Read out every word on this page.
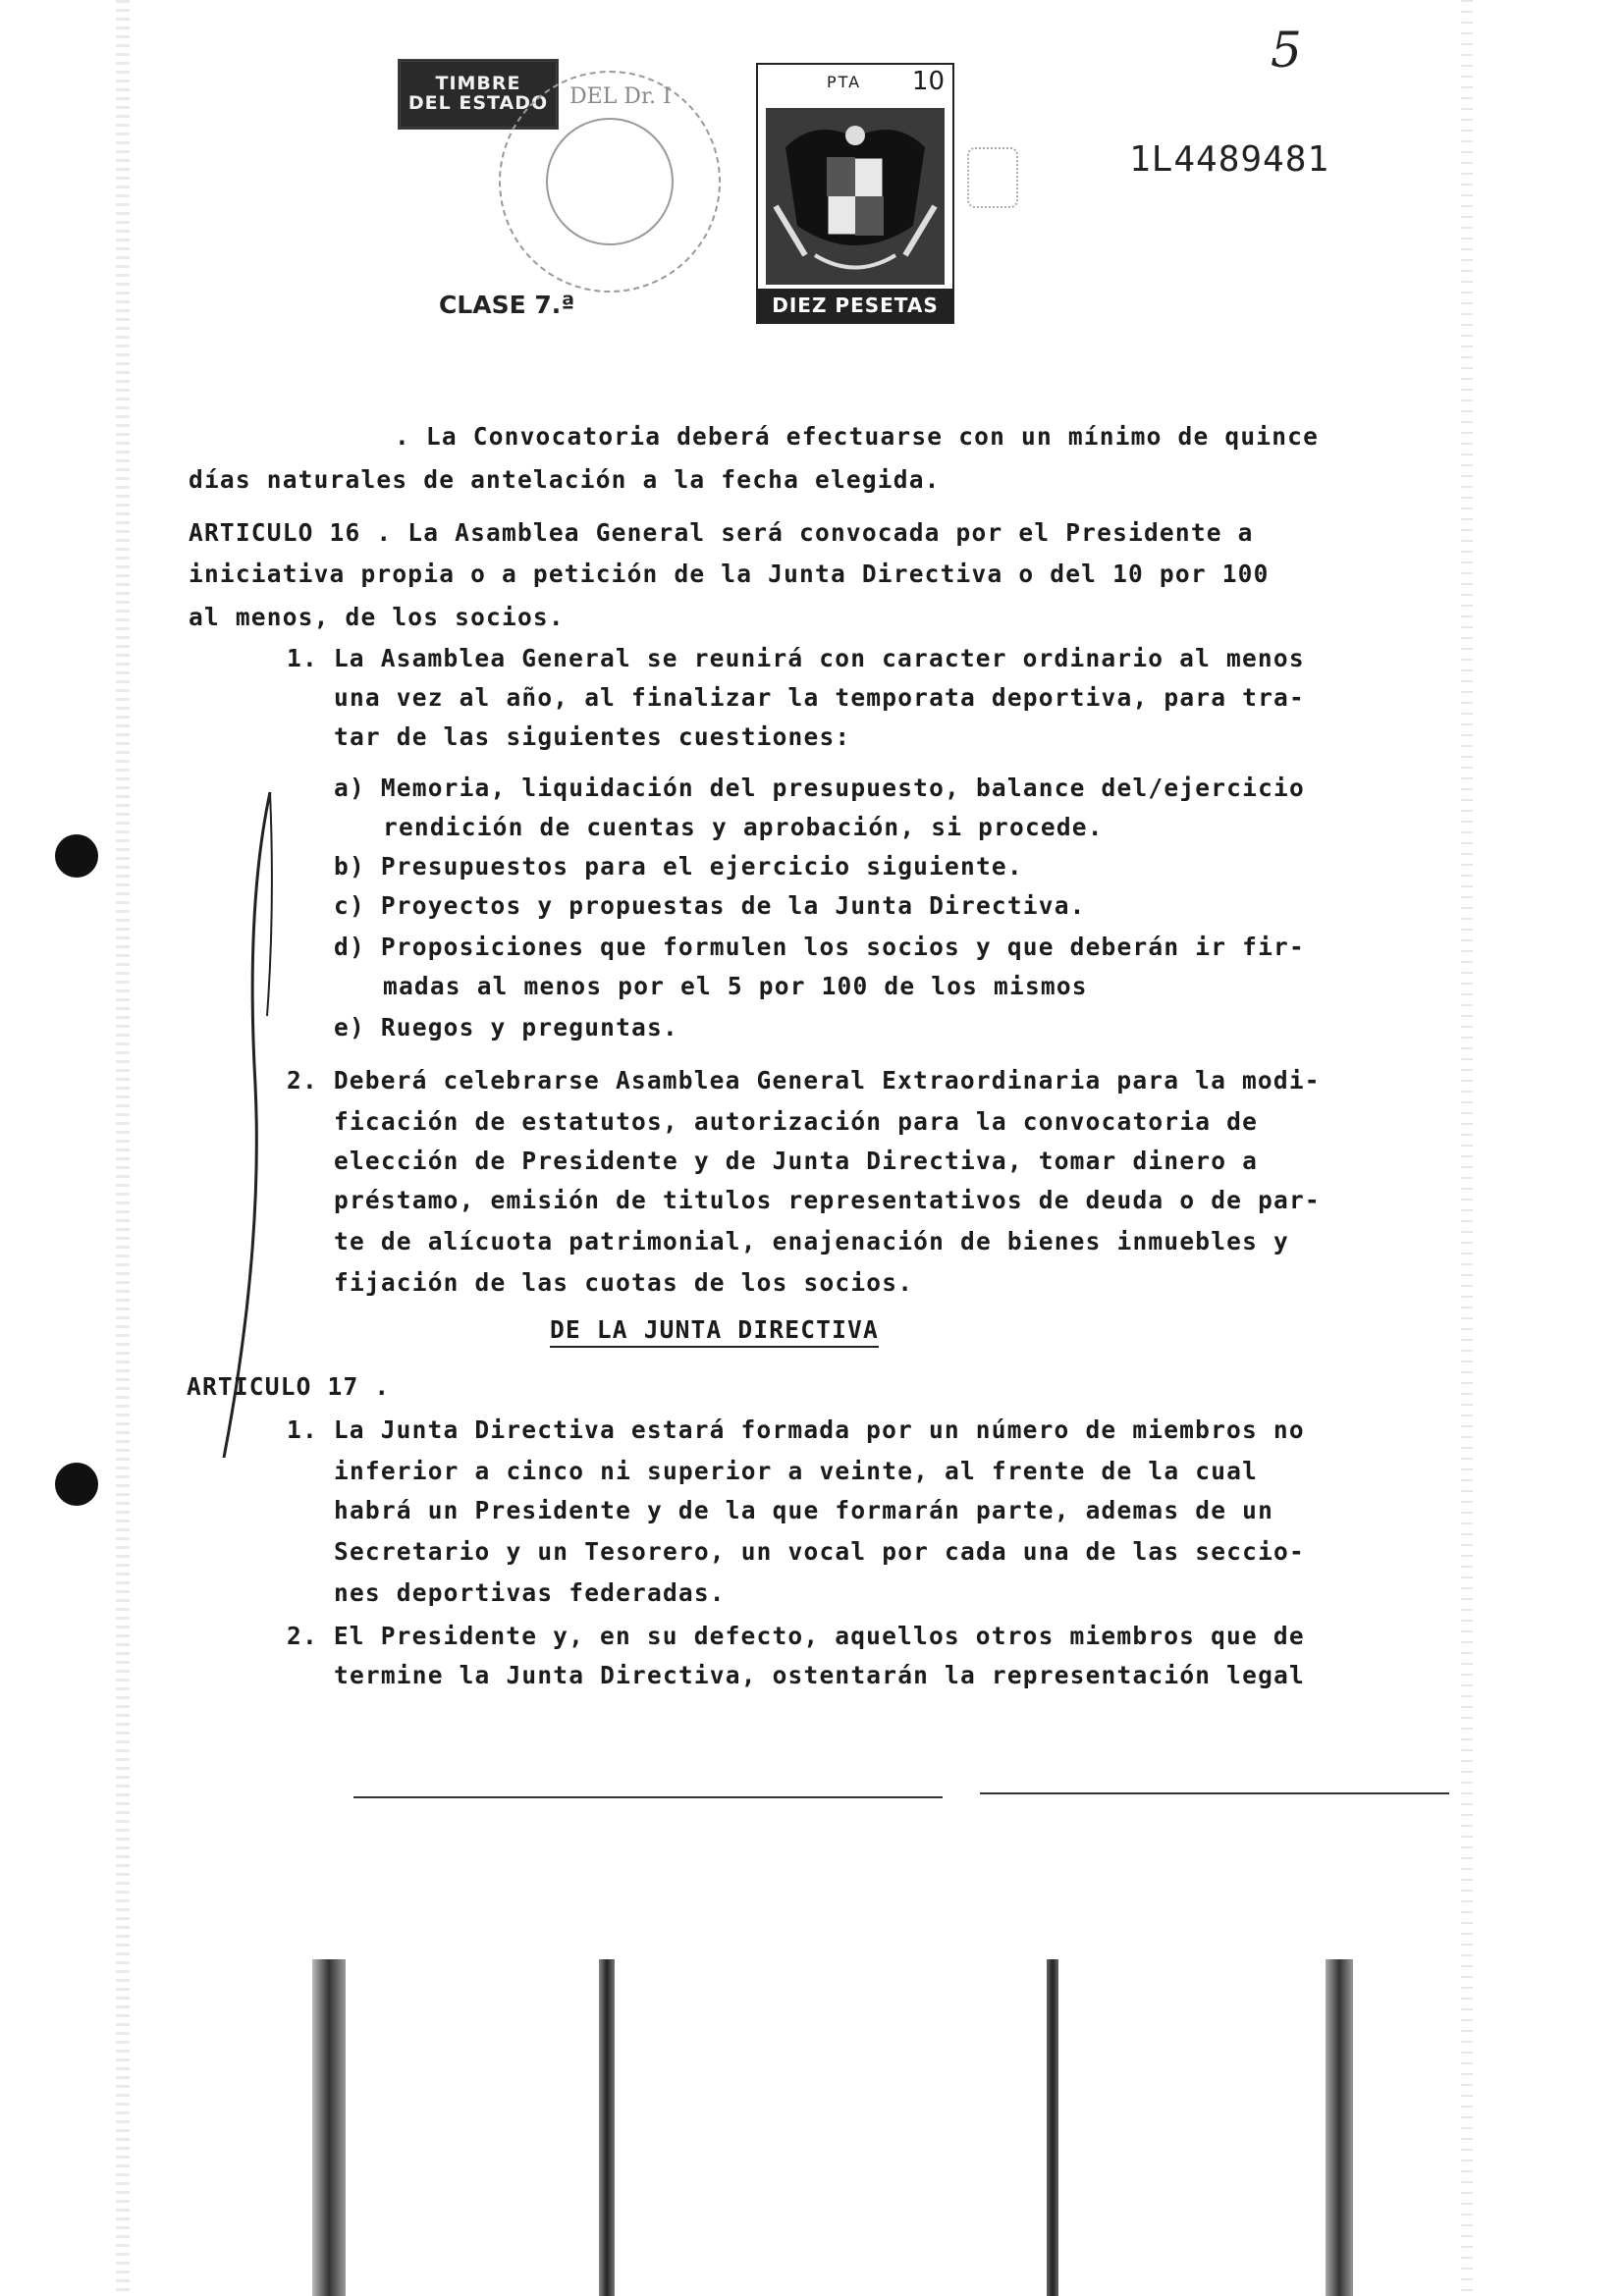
TIMBRE
DEL ESTADO DEL Dr. I
CLASE 7.ª
PTA 10
DIEZ PESETAS
1L4489481
5
. La Convocatoria deberá efectuarse con un mínimo de quince
días naturales de antelación a la fecha elegida.
ARTICULO 16 . La Asamblea General será convocada por el Presidente a
iniciativa propia o a petición de la Junta Directiva o del 10 por 100
al menos, de los socios.
1. La Asamblea General se reunirá con caracter ordinario al menos
una vez al año, al finalizar la temporata deportiva, para tra-
tar de las siguientes cuestiones:
a) Memoria, liquidación del presupuesto, balance del/ejercicio
rendición de cuentas y aprobación, si procede.
b) Presupuestos para el ejercicio siguiente.
c) Proyectos y propuestas de la Junta Directiva.
d) Proposiciones que formulen los socios y que deberán ir fir-
madas al menos por el 5 por 100 de los mismos
e) Ruegos y preguntas.
2. Deberá celebrarse Asamblea General Extraordinaria para la modi-
ficación de estatutos, autorización para la convocatoria de
elección de Presidente y de Junta Directiva, tomar dinero a
préstamo, emisión de titulos representativos de deuda o de par-
te de alícuota patrimonial, enajenación de bienes inmuebles y
fijación de las cuotas de los socios.
DE LA JUNTA DIRECTIVA
ARTICULO 17 .
1. La Junta Directiva estará formada por un número de miembros no
inferior a cinco ni superior a veinte, al frente de la cual
habrá un Presidente y de la que formarán parte, ademas de un
Secretario y un Tesorero, un vocal por cada una de las seccio-
nes deportivas federadas.
2. El Presidente y, en su defecto, aquellos otros miembros que de
termine la Junta Directiva, ostentarán la representación legal
